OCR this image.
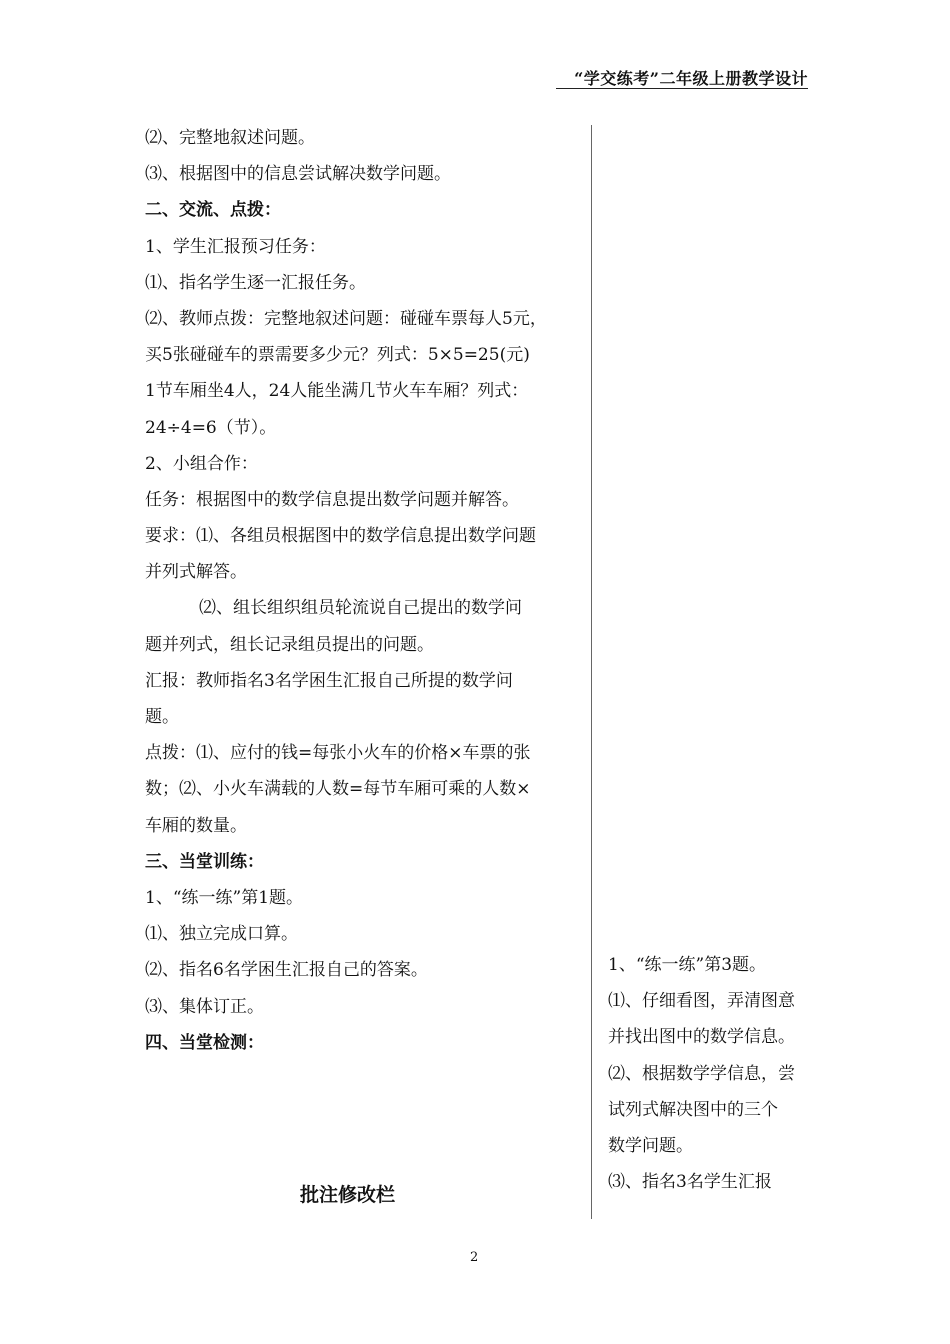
“学交练考”二年级上册教学设计
⑵、完整地叙述问题。
⑶、根据图中的信息尝试解决数学问题。
二、交流、点拨：
1、学生汇报预习任务：
⑴、指名学生逐一汇报任务。
⑵、教师点拨：完整地叙述问题：碰碰车票每人5元，
买5张碰碰车的票需要多少元？列式：5×5=25(元)
1节车厢坐4人，24人能坐满几节火车车厢？列式：
24÷4=6（节）。
2、小组合作：
任务：根据图中的数学信息提出数学问题并解答。
要求：⑴、各组员根据图中的数学信息提出数学问题
并列式解答。
⑵、组长组织组员轮流说自己提出的数学问
题并列式，组长记录组员提出的问题。
汇报：教师指名3名学困生汇报自己所提的数学问
题。
点拨：⑴、应付的钱=每张小火车的价格×车票的张
数；⑵、小火车满载的人数=每节车厢可乘的人数×
车厢的数量。
三、当堂训练：
1、“练一练”第1题。
⑴、独立完成口算。
⑵、指名6名学困生汇报自己的答案。
⑶、集体订正。
四、当堂检测：
1、“练一练”第3题。
⑴、仔细看图，弄清图意
并找出图中的数学信息。
⑵、根据数学学信息，尝
试列式解决图中的三个
数学问题。
⑶、指名3名学生汇报
批注修改栏
2
